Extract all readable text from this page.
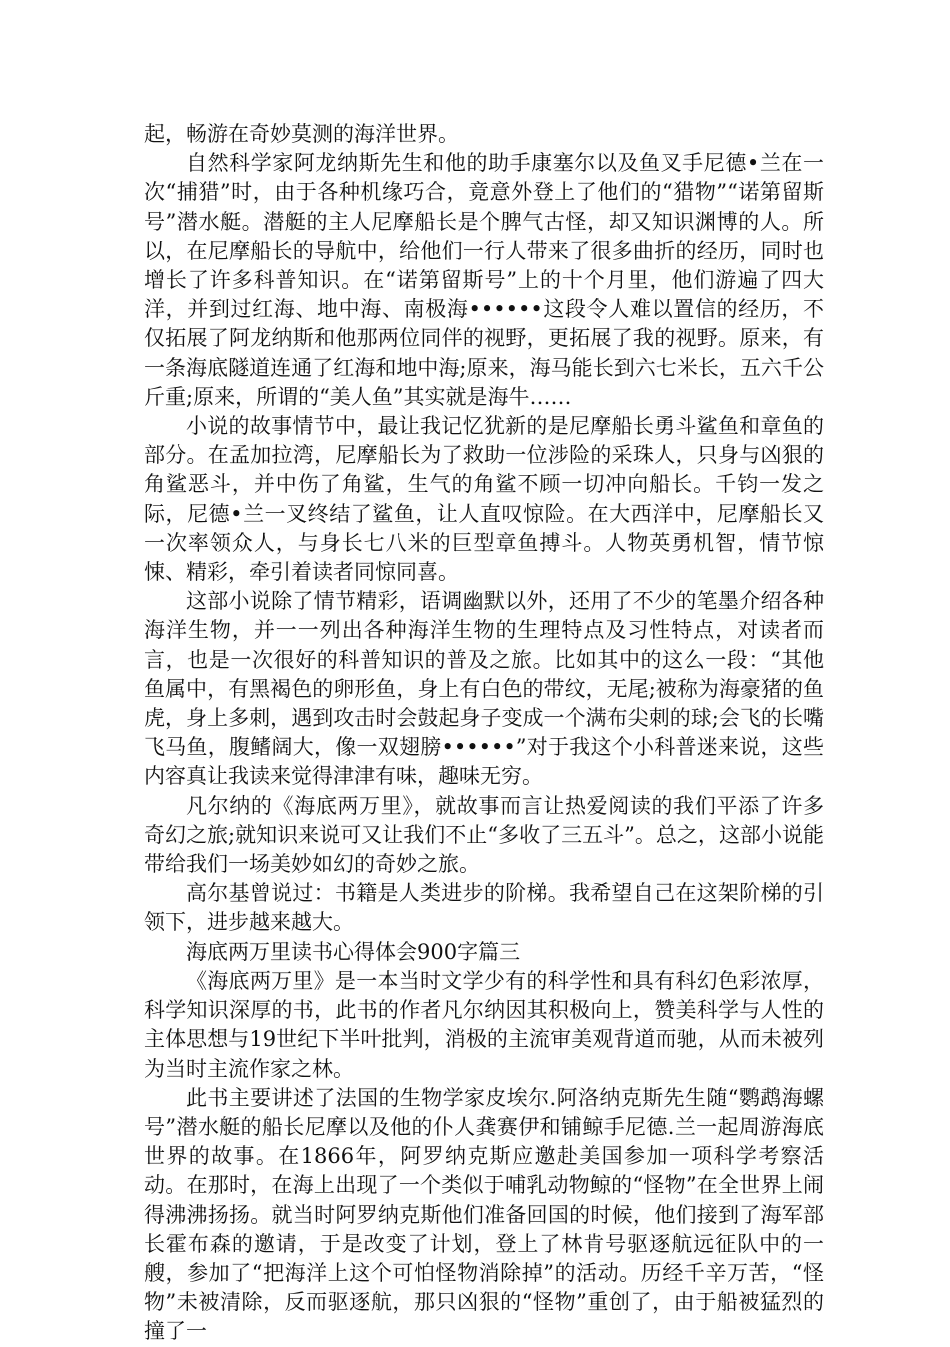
起，畅游在奇妙莫测的海洋世界。

自然科学家阿龙纳斯先生和他的助手康塞尔以及鱼叉手尼德•兰在一次“捕猎”时，由于各种机缘巧合，竟意外登上了他们的“猎物”“诺第留斯号”潜水艇。潜艇的主人尼摩船长是个脾气古怪，却又知识渊博的人。所以，在尼摩船长的导航中，给他们一行人带来了很多曲折的经历，同时也增长了许多科普知识。在“诺第留斯号”上的十个月里，他们游遍了四大洋，并到过红海、地中海、南极海••••••这段令人难以置信的经历，不仅拓展了阿龙纳斯和他那两位同伴的视野，更拓展了我的视野。原来，有一条海底隧道连通了红海和地中海;原来，海马能长到六七米长，五六千公斤重;原来，所谓的“美人鱼”其实就是海牛……

小说的故事情节中，最让我记忆犹新的是尼摩船长勇斗鲨鱼和章鱼的部分。在孟加拉湾，尼摩船长为了救助一位涉险的采珠人，只身与凶狠的角鲨恶斗，并中伤了角鲨，生气的角鲨不顾一切冲向船长。千钧一发之际，尼德•兰一叉终结了鲨鱼，让人直叹惊险。在大西洋中，尼摩船长又一次率领众人，与身长七八米的巨型章鱼搏斗。人物英勇机智，情节惊悚、精彩，牵引着读者同惊同喜。

这部小说除了情节精彩，语调幽默以外，还用了不少的笔墨介绍各种海洋生物，并一一列出各种海洋生物的生理特点及习性特点，对读者而言，也是一次很好的科普知识的普及之旅。比如其中的这么一段：“其他鱼属中，有黑褐色的卵形鱼，身上有白色的带纹，无尾;被称为海豪猪的鱼虎，身上多刺，遇到攻击时会鼓起身子变成一个满布尖刺的球;会飞的长嘴飞马鱼，腹鳍阔大，像一双翅膀••••••”对于我这个小科普迷来说，这些内容真让我读来觉得津津有味，趣味无穷。

凡尔纳的《海底两万里》，就故事而言让热爱阅读的我们平添了许多奇幻之旅;就知识来说可又让我们不止“多收了三五斗”。总之，这部小说能带给我们一场美妙如幻的奇妙之旅。

高尔基曾说过：书籍是人类进步的阶梯。我希望自己在这架阶梯的引领下，进步越来越大。

海底两万里读书心得体会900字篇三

《海底两万里》是一本当时文学少有的科学性和具有科幻色彩浓厚，科学知识深厚的书，此书的作者凡尔纳因其积极向上，赞美科学与人性的主体思想与19世纪下半叶批判，消极的主流审美观背道而驰，从而未被列为当时主流作家之林。

此书主要讲述了法国的生物学家皮埃尔.阿洛纳克斯先生随“鹦鹉海螺号”潜水艇的船长尼摩以及他的仆人龚赛伊和铺鲸手尼德.兰一起周游海底世界的故事。在1866年，阿罗纳克斯应邀赴美国参加一项科学考察活动。在那时，在海上出现了一个类似于哺乳动物鲸的“怪物”在全世界上闹得沸沸扬扬。就当时阿罗纳克斯他们准备回国的时候，他们接到了海军部长霍布森的邀请，于是改变了计划，登上了林肯号驱逐航远征队中的一艘，参加了“把海洋上这个可怕怪物消除掉”的活动。历经千辛万苦，“怪物”未被清除，反而驱逐航，那只凶狠的“怪物”重创了，由于船被猛烈的撞了一
